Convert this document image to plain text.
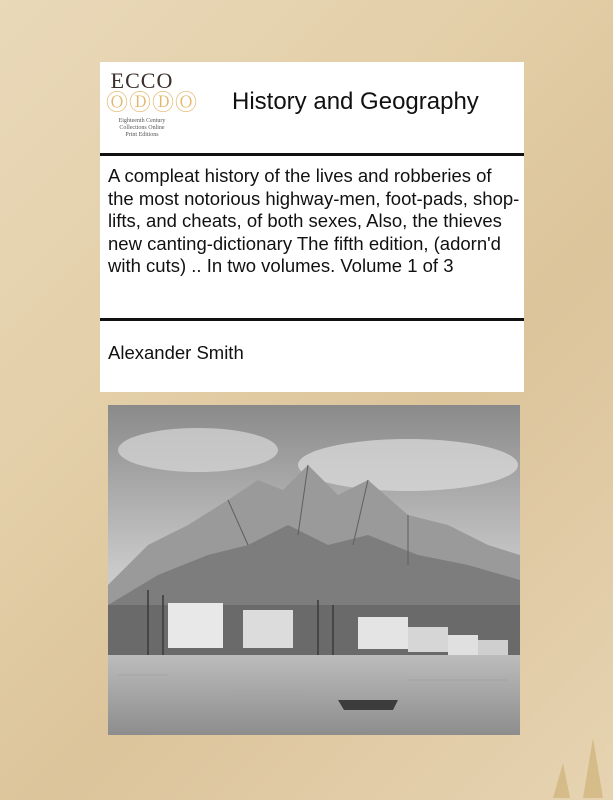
ECCO
ⓄⒹⒹⓄ
Eighteenth Century
Collections Online
Print Editions
History and Geography
A compleat history of the lives and robberies of the most notorious highway-men, foot-pads, shop-lifts, and cheats, of both sexes, Also, the thieves new canting-dictionary The fifth edition, (adorn'd with cuts) .. In two volumes. Volume 1 of 3
Alexander Smith
